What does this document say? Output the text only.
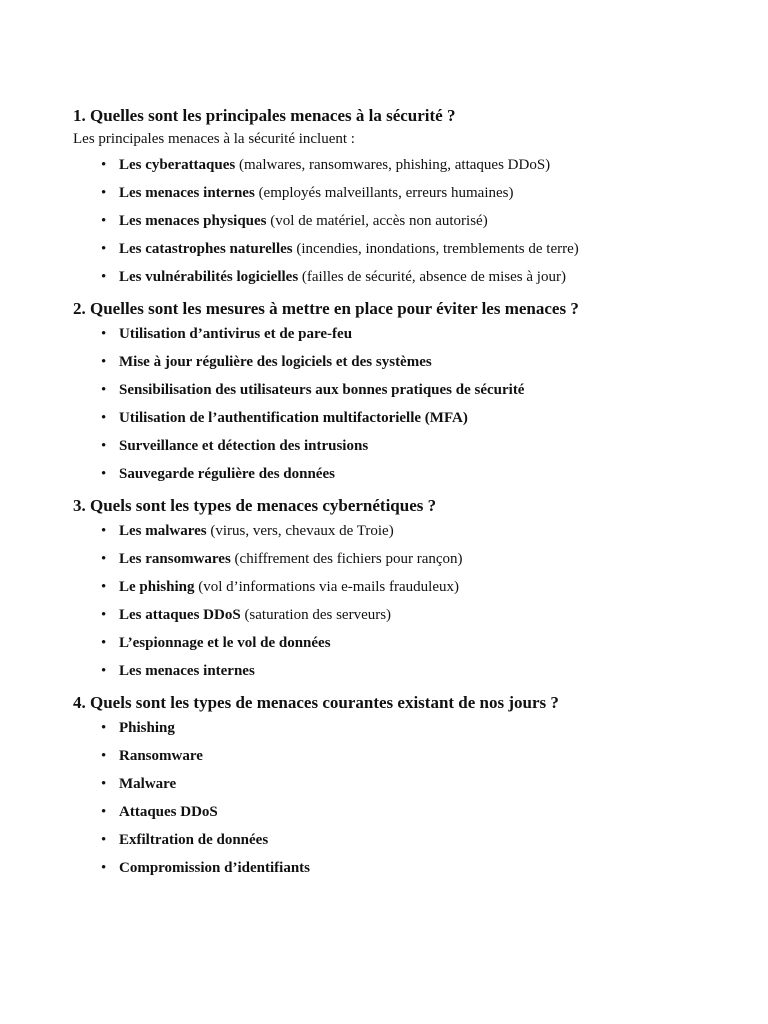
1. Quelles sont les principales menaces à la sécurité ?

Les principales menaces à la sécurité incluent :

• Les cyberattaques (malwares, ransomwares, phishing, attaques DDoS)
• Les menaces internes (employés malveillants, erreurs humaines)
• Les menaces physiques (vol de matériel, accès non autorisé)
• Les catastrophes naturelles (incendies, inondations, tremblements de terre)
• Les vulnérabilités logicielles (failles de sécurité, absence de mises à jour)
2. Quelles sont les mesures à mettre en place pour éviter les menaces ?
• Utilisation d’antivirus et de pare-feu
• Mise à jour régulière des logiciels et des systèmes
• Sensibilisation des utilisateurs aux bonnes pratiques de sécurité
• Utilisation de l’authentification multifactorielle (MFA)
• Surveillance et détection des intrusions
• Sauvegarde régulière des données
3. Quels sont les types de menaces cybernétiques ?
• Les malwares (virus, vers, chevaux de Troie)
• Les ransomwares (chiffrement des fichiers pour rançon)
• Le phishing (vol d’informations via e-mails frauduleux)
• Les attaques DDoS (saturation des serveurs)
• L’espionnage et le vol de données
• Les menaces internes
4. Quels sont les types de menaces courantes existant de nos jours ?
• Phishing
• Ransomware
• Malware
• Attaques DDoS
• Exfiltration de données
• Compromission d’identifiants
